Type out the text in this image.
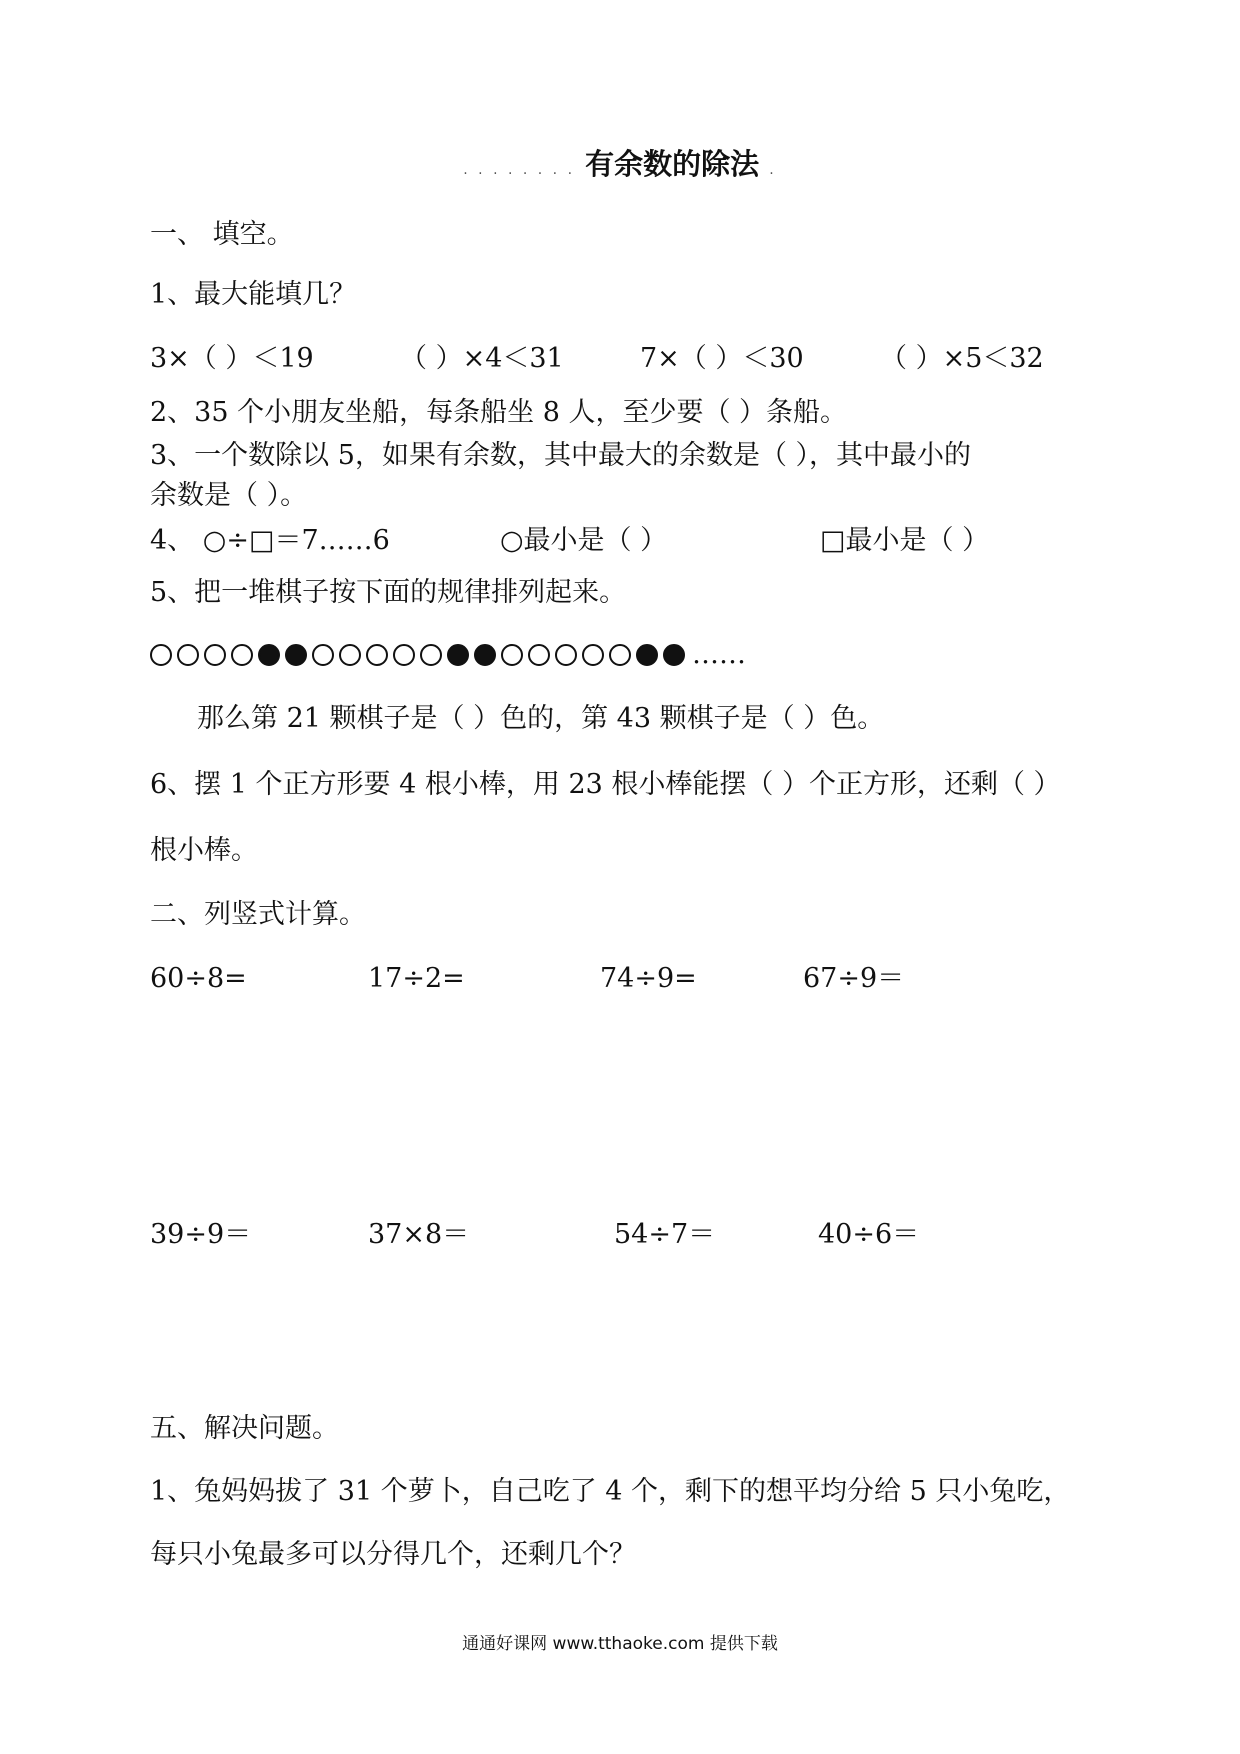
. . . . . . . . 有余数的除法 .
一、 填空。
1、最大能填几？
3×（ ）＜19	（ ）×4＜31	7×（ ）＜30	（ ）×5＜32
2、35 个小朋友坐船，每条船坐 8 人，至少要（ ）条船。
3、一个数除以 5，如果有余数，其中最大的余数是（ ），其中最小的
余数是（ ）。
4、 ○÷□＝7……6	○最小是（ ）	□最小是（ ）
5、把一堆棋子按下面的规律排列起来。
……
那么第 21 颗棋子是（ ）色的，第 43 颗棋子是（ ）色。
6、摆 1 个正方形要 4 根小棒，用 23 根小棒能摆（ ）个正方形，还剩（ ）
根小棒。
二、列竖式计算。
60÷8=	17÷2=	74÷9=	67÷9＝
39÷9＝	37×8＝	54÷7＝	40÷6＝
五、解决问题。
1、兔妈妈拔了 31 个萝卜，自己吃了 4 个，剩下的想平均分给 5 只小兔吃，
每只小兔最多可以分得几个，还剩几个？
通通好课网 www.tthaoke.com 提供下载
